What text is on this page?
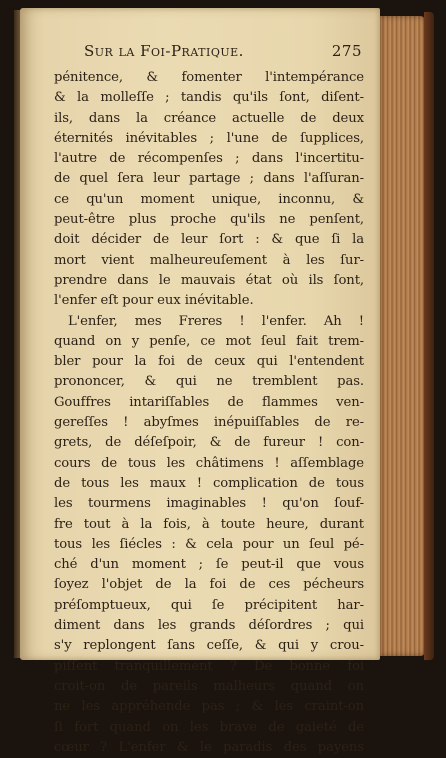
Sur la Foi-Pratique.	275
pénitence, & fomenter l'intempérance
& la molleſſe ; tandis qu'ils ſont, diſent-
ils, dans la créance actuelle de deux
éternités inévitables ; l'une de ſupplices,
l'autre de récompenſes ; dans l'incertitu-
de quel ſera leur partage ; dans l'aſſuran-
ce qu'un moment unique, inconnu, &
peut-être plus proche qu'ils ne penſent,
doit décider de leur ſort : & que ſi la
mort vient malheureuſement à les ſur-
prendre dans le mauvais état où ils ſont,
l'enfer eſt pour eux inévitable.
L'enfer, mes Freres ! l'enfer. Ah !
quand on y penſe, ce mot ſeul fait trem-
bler pour la foi de ceux qui l'entendent
prononcer, & qui ne tremblent pas.
Gouffres intariſſables de flammes ven-
gereſſes ! abyſmes inépuiſſables de re-
grets, de déſeſpoir, & de fureur ! con-
cours de tous les châtimens ! aſſemblage
de tous les maux ! complication de tous
les tourmens imaginables ! qu'on ſouf-
fre tout à la fois, à toute heure, durant
tous les ſiécles : & cela pour un ſeul pé-
ché d'un moment ; ſe peut-il que vous
ſoyez l'objet de la foi de ces pécheurs
préſomptueux, qui ſe précipitent har-
diment dans les grands déſordres ; qui
s'y replongent ſans ceſſe, & qui y crou-
piſſent tranquillement ? De bonne foi
croit-on de pareils malheurs quand on
ne les appréhende pas ; & les craint-on
ſi fort quand on les brave de gaieté de
cœur ? L'enfer & le paradis des payens
